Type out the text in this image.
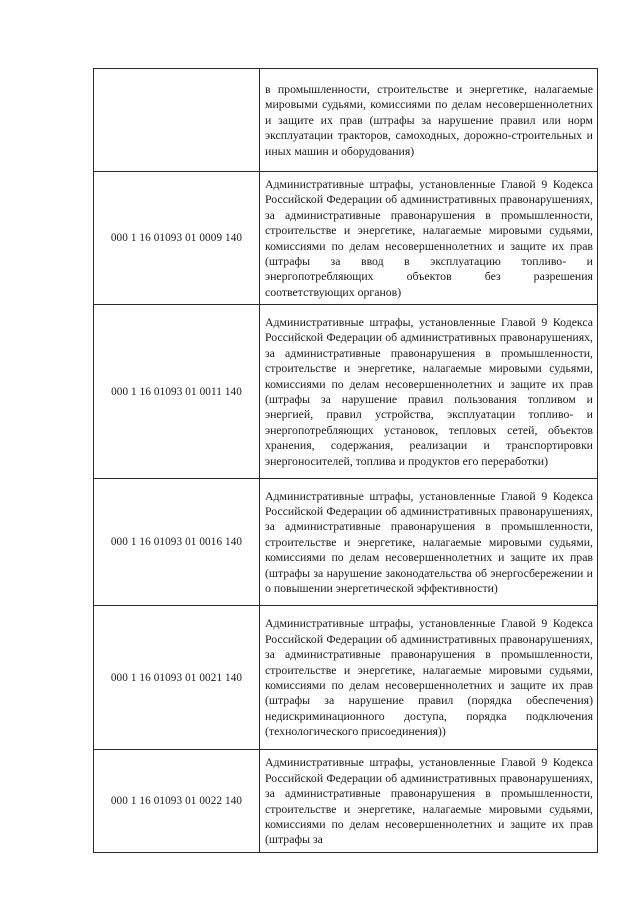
	в промышленности, строительстве и энергетике, налагаемые мировыми судьями, комиссиями по делам несовершеннолетних и защите их прав (штрафы за нарушение правил или норм эксплуатации тракторов, самоходных, дорожно-строительных и иных машин и оборудования)
000 1 16 01093 01 0009 140	Административные штрафы, установленные Главой 9 Кодекса Российской Федерации об административных правонарушениях, за административные правонарушения в промышленности, строительстве и энергетике, налагаемые мировыми судьями, комиссиями по делам несовершеннолетних и защите их прав (штрафы за ввод в эксплуатацию топливо- и энергопотребляющих объектов без разрешения соответствующих органов)
000 1 16 01093 01 0011 140	Административные штрафы, установленные Главой 9 Кодекса Российской Федерации об административных правонарушениях, за административные правонарушения в промышленности, строительстве и энергетике, налагаемые мировыми судьями, комиссиями по делам несовершеннолетних и защите их прав (штрафы за нарушение правил пользования топливом и энергией, правил устройства, эксплуатации топливо- и энергопотребляющих установок, тепловых сетей, объектов хранения, содержания, реализации и транспортировки энергоносителей, топлива и продуктов его переработки)
000 1 16 01093 01 0016 140	Административные штрафы, установленные Главой 9 Кодекса Российской Федерации об административных правонарушениях, за административные правонарушения в промышленности, строительстве и энергетике, налагаемые мировыми судьями, комиссиями по делам несовершеннолетних и защите их прав (штрафы за нарушение законодательства об энергосбережении и о повышении энергетической эффективности)
000 1 16 01093 01 0021 140	Административные штрафы, установленные Главой 9 Кодекса Российской Федерации об административных правонарушениях, за административные правонарушения в промышленности, строительстве и энергетике, налагаемые мировыми судьями, комиссиями по делам несовершеннолетних и защите их прав (штрафы за нарушение правил (порядка обеспечения) недискриминационного доступа, порядка подключения (технологического присоединения))
000 1 16 01093 01 0022 140	Административные штрафы, установленные Главой 9 Кодекса Российской Федерации об административных правонарушениях, за административные правонарушения в промышленности, строительстве и энергетике, налагаемые мировыми судьями, комиссиями по делам несовершеннолетних и защите их прав (штрафы за
